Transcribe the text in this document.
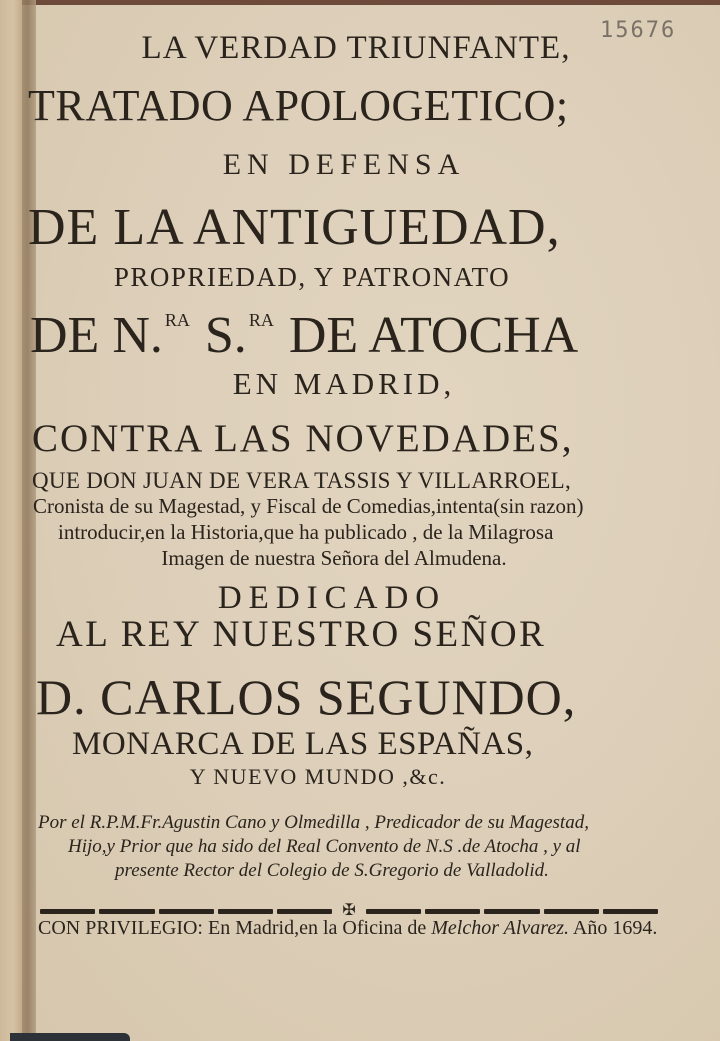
15676
LA VERDAD TRIUNFANTE,
TRATADO APOLOGETICO;
EN DEFENSA
DE LA ANTIGUEDAD,
PROPRIEDAD, Y PATRONATO
DE N. $^{RA}$ S. $^{RA}$ DE ATOCHA
EN MADRID,
CONTRA LAS NOVEDADES,
QUE DON JUAN DE VERA TASSIS Y VILLARROEL,
Cronista de su Magestad, y Fiscal de Comedias,intenta(sin razon)
introducir,en la Historia,que ha publicado , de la Milagrosa
Imagen de nuestra Señora del Almudena.
DEDICADO
AL REY NUESTRO SEÑOR
D. CARLOS SEGUNDO,
MONARCA DE LAS ESPAÑAS,
Y NUEVO MUNDO ,&c.
Por el R.P.M.Fr.Agustin Cano y Olmedilla , Predicador de su Magestad,
Hijo,y Prior que ha sido del Real Convento de N.S .de Atocha , y al
presente Rector del Colegio de S.Gregorio de Valladolid.
✠
CON PRIVILEGIO: En Madrid,en la Oficina de Melchor Alvarez. Año 1694.
